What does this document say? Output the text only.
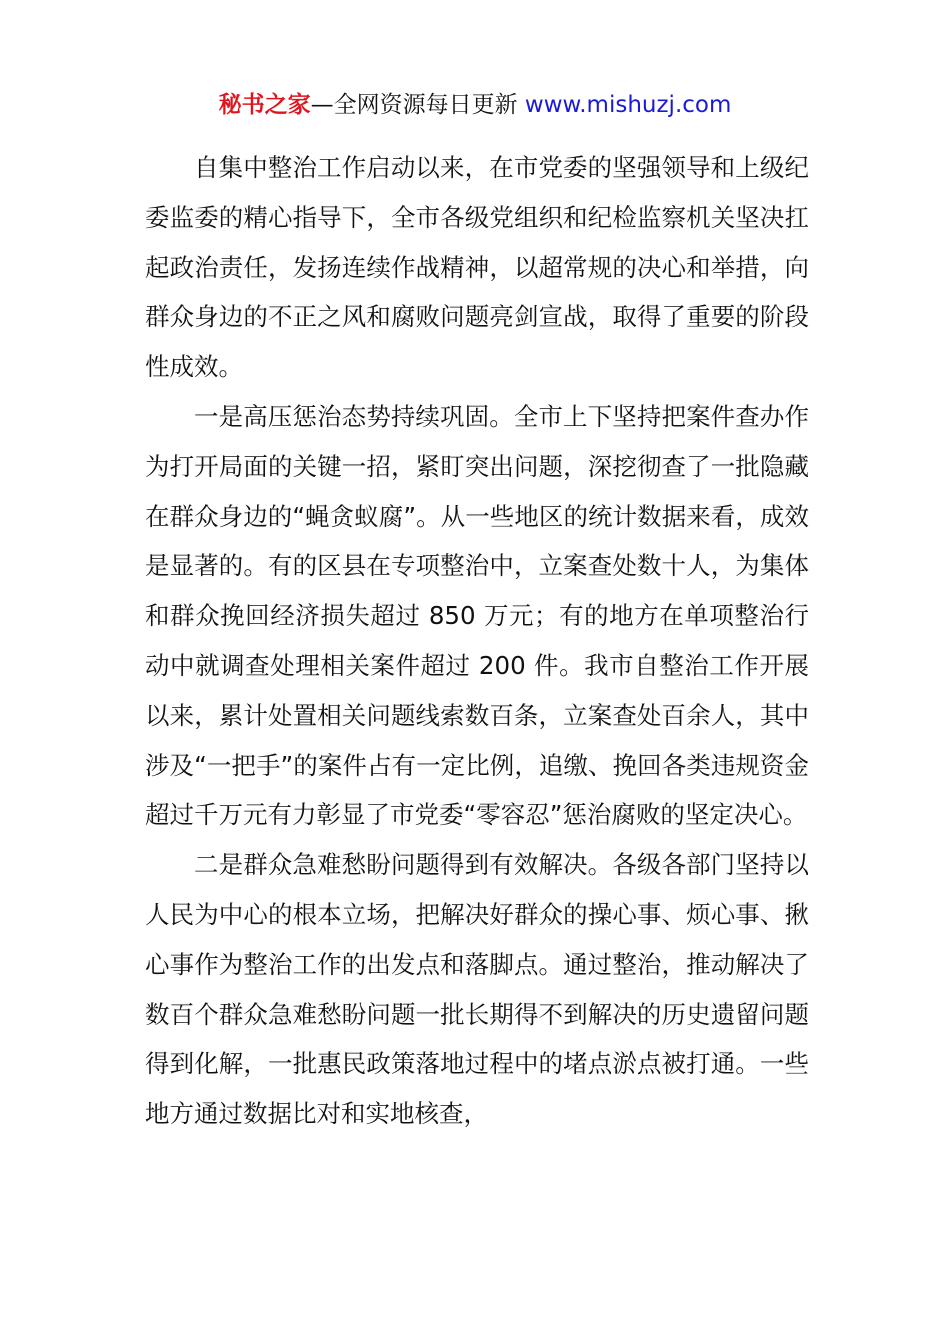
秘书之家—全网资源每日更新 www.mishuzj.com

自集中整治工作启动以来，在市党委的坚强领导和上级纪委监委的精心指导下，全市各级党组织和纪检监察机关坚决扛起政治责任，发扬连续作战精神，以超常规的决心和举措，向群众身边的不正之风和腐败问题亮剑宣战，取得了重要的阶段性成效。

一是高压惩治态势持续巩固。全市上下坚持把案件查办作为打开局面的关键一招，紧盯突出问题，深挖彻查了一批隐藏在群众身边的“蝇贪蚁腐”。从一些地区的统计数据来看，成效是显著的。有的区县在专项整治中，立案查处数十人，为集体和群众挽回经济损失超过 850 万元；有的地方在单项整治行动中就调查处理相关案件超过 200 件。我市自整治工作开展以来，累计处置相关问题线索数百条，立案查处百余人，其中涉及“一把手”的案件占有一定比例，追缴、挽回各类违规资金超过千万元有力彰显了市党委“零容忍”惩治腐败的坚定决心。

二是群众急难愁盼问题得到有效解决。各级各部门坚持以人民为中心的根本立场，把解决好群众的操心事、烦心事、揪心事作为整治工作的出发点和落脚点。通过整治，推动解决了数百个群众急难愁盼问题一批长期得不到解决的历史遗留问题得到化解，一批惠民政策落地过程中的堵点淤点被打通。一些地方通过数据比对和实地核查，
